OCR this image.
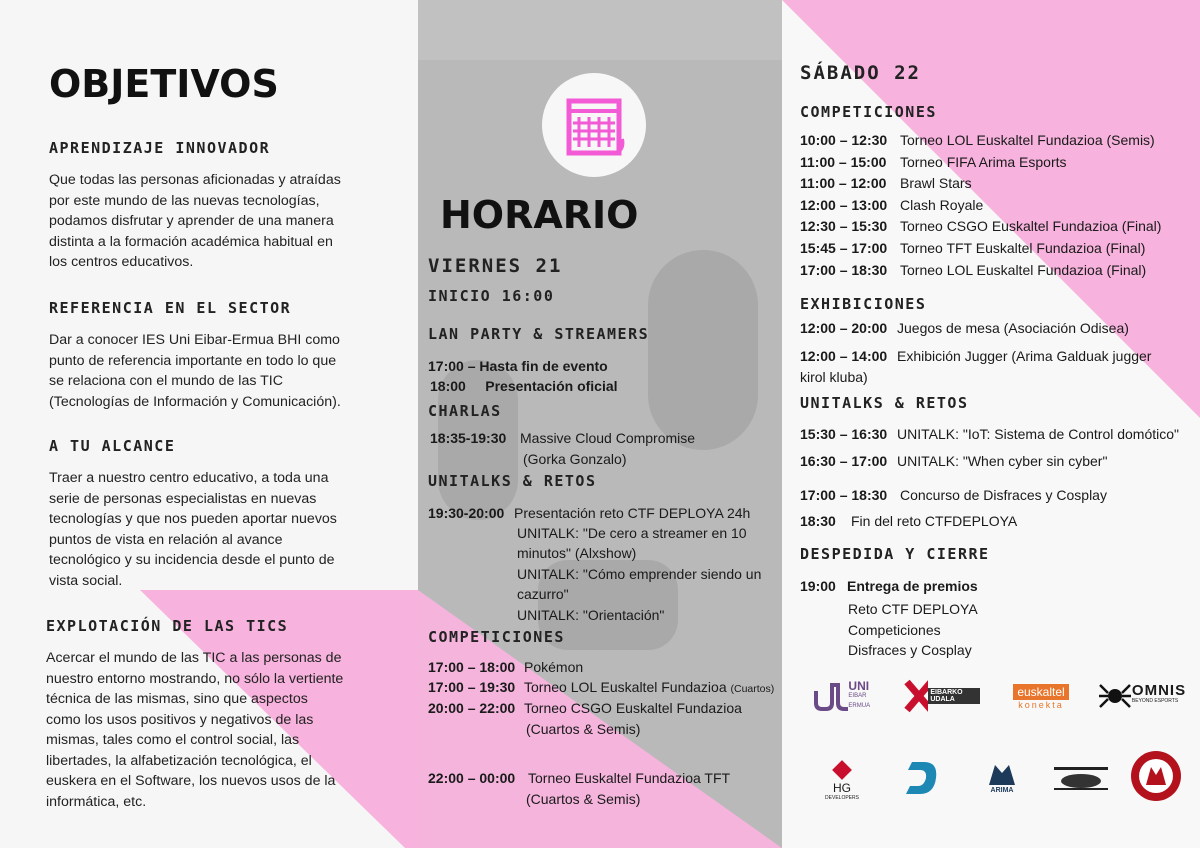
OBJETIVOS
APRENDIZAJE INNOVADOR
Que todas las personas aficionadas y atraídas
por este mundo de las nuevas tecnologías,
podamos disfrutar y aprender de una manera
distinta a la formación académica habitual en
los centros educativos.
REFERENCIA EN EL SECTOR
Dar a conocer IES Uni Eibar-Ermua BHI como
punto de referencia importante en todo lo que
se relaciona con el mundo de las TIC
(Tecnologías de Información y Comunicación).
A TU ALCANCE
Traer a nuestro centro educativo, a toda una
serie de personas especialistas en nuevas
tecnologías y que nos pueden aportar nuevos
puntos de vista en relación al avance
tecnológico y su incidencia desde el punto de
vista social.
EXPLOTACIÓN DE LAS TICS
Acercar el mundo de las TIC a las personas de
nuestro entorno mostrando, no sólo la vertiente
técnica de las mismas, sino que aspectos
como los usos positivos y negativos de las
mismas, tales como el control social, las
libertades, la alfabetización tecnológica, el
euskera en el Software, los nuevos usos de la
informática, etc.
HORARIO
VIERNES 21
INICIO 16:00
LAN PARTY & STREAMERS
17:00 – Hasta fin de evento
18:00     Presentación oficial
CHARLAS
18:35-19:30 Massive Cloud Compromise
(Gorka Gonzalo)
UNITALKS & RETOS
19:30-20:00 Presentación reto CTF DEPLOYA 24h
UNITALK: "De cero a streamer en 10
minutos" (Alxshow)
UNITALK: "Cómo emprender siendo un
cazurro"
UNITALK: "Orientación"
COMPETICIONES
17:00 – 18:00 Pokémon
17:00 – 19:30 Torneo LOL Euskaltel Fundazioa (Cuartos)
20:00 – 22:00 Torneo CSGO Euskaltel Fundazioa
(Cuartos & Semis)
22:00 – 00:00 Torneo Euskaltel Fundazioa TFT
(Cuartos & Semis)
SÁBADO 22
COMPETICIONES
10:00 – 12:30 Torneo LOL Euskaltel Fundazioa (Semis)
11:00 – 15:00 Torneo FIFA Arima Esports
11:00 – 12:00 Brawl Stars
12:00 – 13:00 Clash Royale
12:30 – 15:30 Torneo CSGO Euskaltel Fundazioa (Final)
15:45 – 17:00 Torneo TFT Euskaltel Fundazioa (Final)
17:00 – 18:30 Torneo LOL Euskaltel Fundazioa (Final)
EXHIBICIONES
12:00 – 20:00 Juegos de mesa (Asociación Odisea)
12:00 – 14:00 Exhibición Jugger (Arima Galduak jugger
kirol kluba)
UNITALKS & RETOS
15:30 – 16:30 UNITALK: "IoT: Sistema de Control domótico"
16:30 – 17:00 UNITALK: "When cyber sin cyber"
17:00 – 18:30 Concurso de Disfraces y Cosplay
18:30 Fin del reto CTFDEPLOYA
DESPEDIDA Y CIERRE
19:00 Entrega de premios
Reto CTF DEPLOYA
Competiciones
Disfraces y Cosplay
UNI
EIBAR ERMUA
EIBARKO UDALA
euskaltel
konekta
OMNIS
BEYOND ESPORTS
HG
DEVELOPERS
ARIMA
